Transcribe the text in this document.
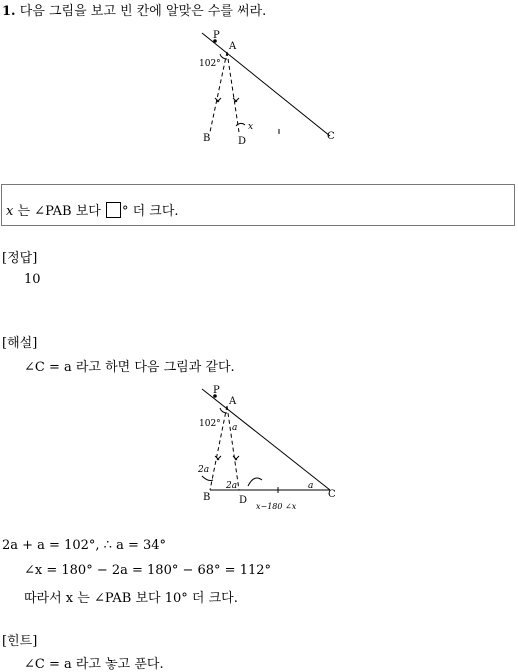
1. 다음 그림을 보고 빈 칸에 알맞은 수를 써라.
P
A
102°
x
B	D	C
x 는 ∠PAB 보다 ° 더 크다.
[정답]
10
[해설]
∠C = a 라고 하면 다음 그림과 같다.
P
A
102° a
2a
2a	a
B	D
C
x−180 ∠x
2a + a = 102°, ∴ a = 34°
∠x = 180° − 2a = 180° − 68° = 112°
따라서 x 는 ∠PAB 보다 10° 더 크다.
[힌트]
∠C = a 라고 놓고 푼다.
